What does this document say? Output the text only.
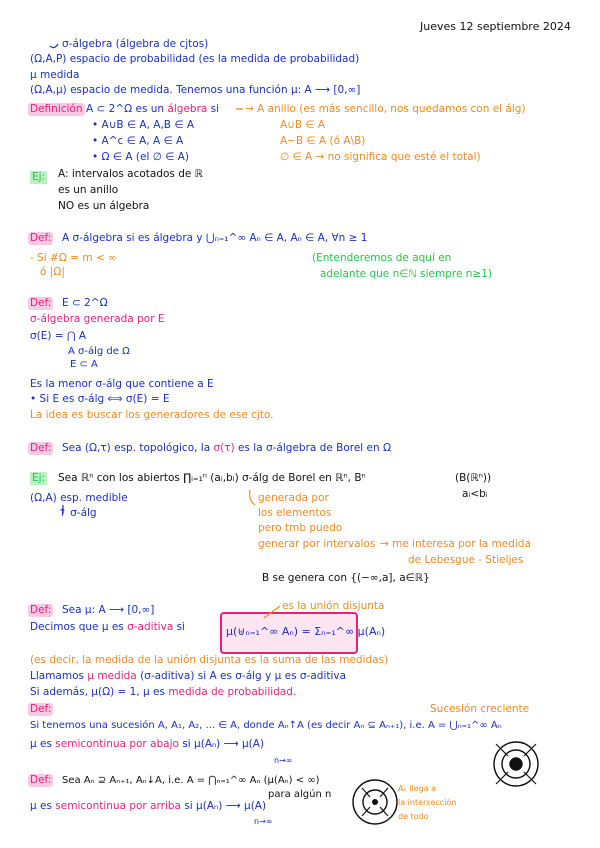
Jueves 12 septiembre 2024
σ-álgebra (álgebra de cjtos)
(Ω,A,P) espacio de probabilidad (es la medida de probabilidad)
μ medida
(Ω,A,μ) espacio de medida. Tenemos una función μ: A ⟶ [0,∞]
Definición A ⊂ 2^Ω es un álgebra si → A anillo (es más sencillo, nos quedamos con el álg)
• A∪B ∈ A, A,B ∈ A
• A^c ∈ A, A ∈ A
• Ω ∈ A (el ∅ ∈ A)
A∪B ∈ A
A−B ∈ A (ó A\B)
∅ ∈ A → no significa que esté el total)
Ej: A: intervalos acotados de ℝ
es un anillo
NO es un álgebra
Def: A σ-álgebra si es álgebra y ⋃ₙ₌₁^∞ Aₙ ∈ A, Aₙ ∈ A, ∀n ≥ 1
- Si #Ω = m < ∞
ó |Ω|
(Entenderemos de aquí en
adelante que n∈ℕ siempre n≥1)
Def: E ⊂ 2^Ω
σ-álgebra generada por E
σ(E) = ⋂ A
A σ-álg de Ω
E ⊂ A
Es la menor σ-álg que contiene a E
• Si E es σ-álg ⟺ σ(E) = E
La idea es buscar los generadores de ese cjto.
Def: Sea (Ω,τ) esp. topológico, la σ(τ) es la σ-álgebra de Borel en Ω
Ej: Sea ℝⁿ con los abiertos ∏ᵢ₌₁ⁿ (aᵢ,bᵢ) σ-álg de Borel en ℝⁿ, Bⁿ	(B(ℝⁿ))
aᵢ<bᵢ
(Ω,A) esp. medible
↑ σ-álg
generada por
los elementos
pero tmb puedo
generar por intervalos → me interesa por la medida
de Lebesgue - Stieljes
B se genera con {(−∞,a], a∈ℝ}
Def: Sea μ: A ⟶ [0,∞]	es la unión disjunta
Decimos que μ es σ-aditiva si	μ(⊎ₙ₌₁^∞ Aₙ) = Σₙ₌₁^∞ μ(Aₙ)
(es decir, la medida de la unión disjunta es la suma de las medidas)
Llamamos μ medida (σ-aditiva) si A es σ-álg y μ es σ-aditiva
Si además, μ(Ω) = 1, μ es medida de probabilidad.
Def:	Sucesión creciente
Si tenemos una sucesión A, A₁, A₂, ... ∈ A, donde Aₙ↑A (es decir Aₙ ⊆ Aₙ₊₁), i.e. A = ⋃ₙ₌₁^∞ Aₙ
μ es semicontinua por abajo si μ(Aₙ) ⟶ μ(A)
n→∞
Def: Sea Aₙ ⊇ Aₙ₊₁, Aₙ↓A, i.e. A = ⋂ₙ₌₁^∞ Aₙ (μ(Aₙ) < ∞)
para algún n
μ es semicontinua por arriba si μ(Aₙ) ⟶ μ(A)
n→∞
Aₙ llega a
la intersección
de todo
